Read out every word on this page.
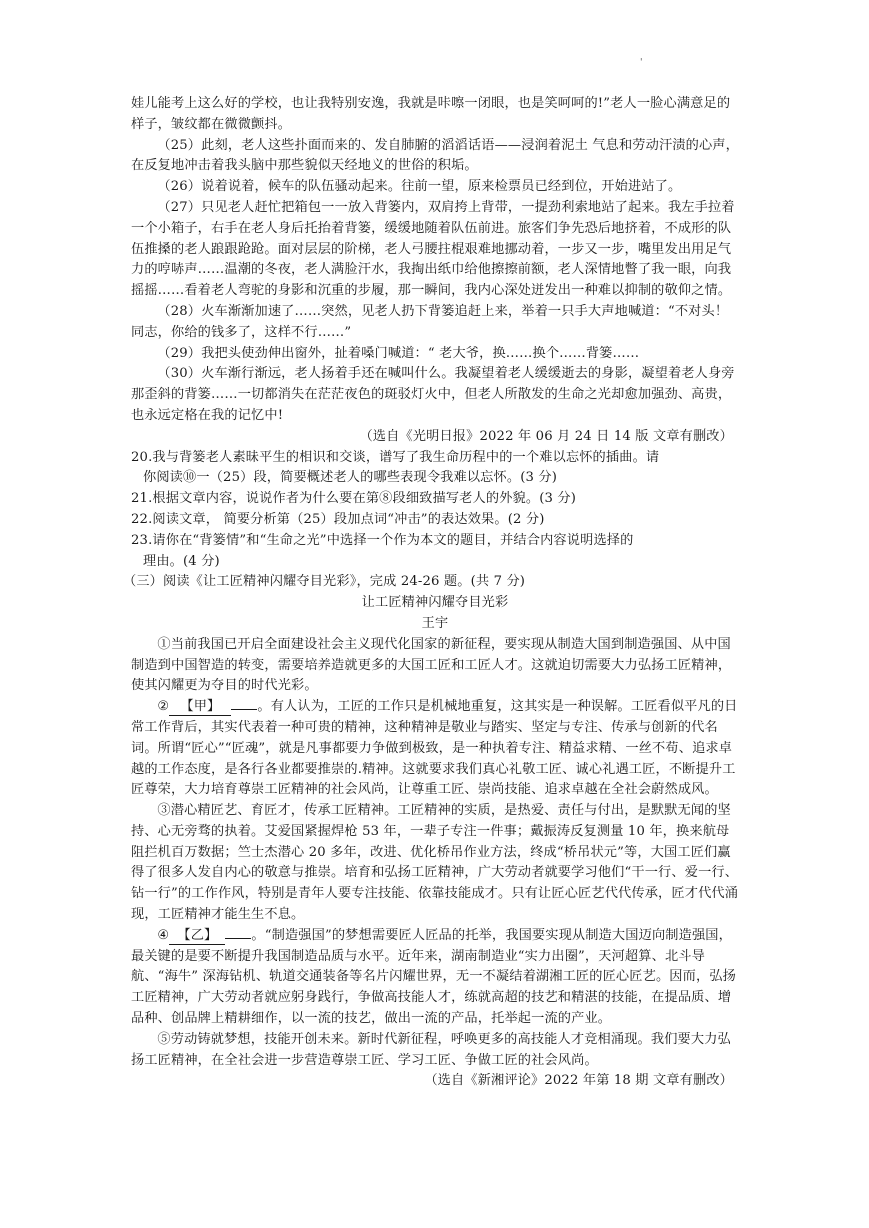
'

娃儿能考上这么好的学校，也让我特别安逸，我就是咔嚓一闭眼，也是笑呵呵的!”老人一脸心满意足的样子，皱纹都在微微颤抖。

（25）此刻，老人这些扑面而来的、发自肺腑的滔滔话语——浸润着泥土 气息和劳动汗渍的心声，在反复地冲击着我头脑中那些貌似天经地义的世俗的积垢。

（26）说着说着，候车的队伍骚动起来。往前一望，原来检票员已经到位，开始进站了。

（27）只见老人赶忙把箱包一一放入背篓内，双肩挎上背带，一提劲利索地站了起来。我左手拉着一个小箱子，右手在老人身后托抬着背篓，缓缓地随着队伍前进。旅客们争先恐后地挤着，不成形的队伍推搡的老人踉跟跄跄。面对层层的阶梯，老人弓腰拄棍艰难地挪动着，一步又一步，嘴里发出用足气力的哼哧声……温潮的冬夜，老人满脸汗水，我掏出纸巾给他擦擦前额，老人深情地瞥了我一眼，向我摇摇……看着老人弯驼的身影和沉重的步履，那一瞬间，我内心深处迸发出一种难以抑制的敬仰之情。

（28）火车渐渐加速了……突然，见老人扔下背篓追赶上来，举着一只手大声地喊道：“不对头！同志，你给的钱多了，这样不行……”

（29）我把头使劲伸出窗外，扯着嗓门喊道：“ 老大爷，换……换个……背篓……

（30）火车渐行渐远，老人扬着手还在喊叫什么。我凝望着老人缓缓逝去的身影，凝望着老人身旁那歪斜的背篓……一切都消失在茫茫夜色的斑驳灯火中，但老人所散发的生命之光却愈加强劲、高贵，也永远定格在我的记忆中!

（选自《光明日报》2022 年 06 月 24 日 14 版 文章有删改）

20.我与背篓老人素昧平生的相识和交谈，谱写了我生命历程中的一个难以忘怀的插曲。请
你阅读⑩一（25）段，简要概述老人的哪些表现令我难以忘怀。(3 分)

21.根据文章内容，说说作者为什么要在第⑧段细致描写老人的外貌。(3 分)

22.阅读文章， 简要分析第（25）段加点词“冲击”的表达效果。(2 分)

23.请你在“背篓情”和“生命之光”中选择一个作为本文的题目，并结合内容说明选择的
理由。(4 分)

（三）阅读《让工匠精神闪耀夺目光彩》，完成 24-26 题。(共 7 分)

让工匠精神闪耀夺目光彩

王宇

①当前我国已开启全面建设社会主义现代化国家的新征程，要实现从制造大国到制造强国、从中国制造到中国智造的转变，需要培养造就更多的大国工匠和工匠人才。这就迫切需要大力弘扬工匠精神，使其闪耀更为夺目的时代光彩。

② 【甲】	。有人认为，工匠的工作只是机械地重复，这其实是一种误解。工匠看似平凡的日常工作背后，其实代表着一种可贵的精神，这种精神是敬业与踏实、坚定与专注、传承与创新的代名词。所谓“匠心”“匠魂”，就是凡事都要力争做到极致，是一种执着专注、精益求精、一丝不苟、追求卓越的工作态度，是各行各业都要推崇的.精神。这就要求我们真心礼敬工匠、诚心礼遇工匠，不断提升工匠尊荣，大力培育尊崇工匠精神的社会风尚，让尊重工匠、崇尚技能、追求卓越在全社会蔚然成风。

③潜心精匠艺、育匠才，传承工匠精神。工匠精神的实质，是热爱、责任与付出，是默默无闻的坚持、心无旁骛的执着。艾爱国紧握焊枪 53 年，一辈子专注一件事；戴振涛反复测量 10 年，换来航母阻拦机百万数据；竺士杰潜心 20 多年，改进、优化桥吊作业方法，终成“桥吊状元”等，大国工匠们赢得了很多人发自内心的敬意与推崇。培育和弘扬工匠精神，广大劳动者就要学习他们“干一行、爱一行、钻一行”的工作作风，特别是青年人要专注技能、依靠技能成才。只有让匠心匠艺代代传承，匠才代代涌现，工匠精神才能生生不息。

④ 【乙】	。“制造强国”的梦想需要匠人匠品的托举，我国要实现从制造大国迈向制造强国，最关键的是要不断提升我国制造品质与水平。近年来，湖南制造业“实力出圈”，天河超算、北斗导航、“海牛” 深海钻机、轨道交通装备等名片闪耀世界，无一不凝结着湖湘工匠的匠心匠艺。因而，弘扬工匠精神，广大劳动者就应躬身践行，争做高技能人才，练就高超的技艺和精湛的技能，在提品质、增品种、创品牌上精耕细作，以一流的技艺，做出一流的产品，托举起一流的产业。

⑤劳动铸就梦想，技能开创未来。新时代新征程，呼唤更多的高技能人才竞相涌现。我们要大力弘扬工匠精神，在全社会进一步营造尊崇工匠、学习工匠、争做工匠的社会风尚。

（选自《新湘评论》2022 年第 18 期 文章有删改）
